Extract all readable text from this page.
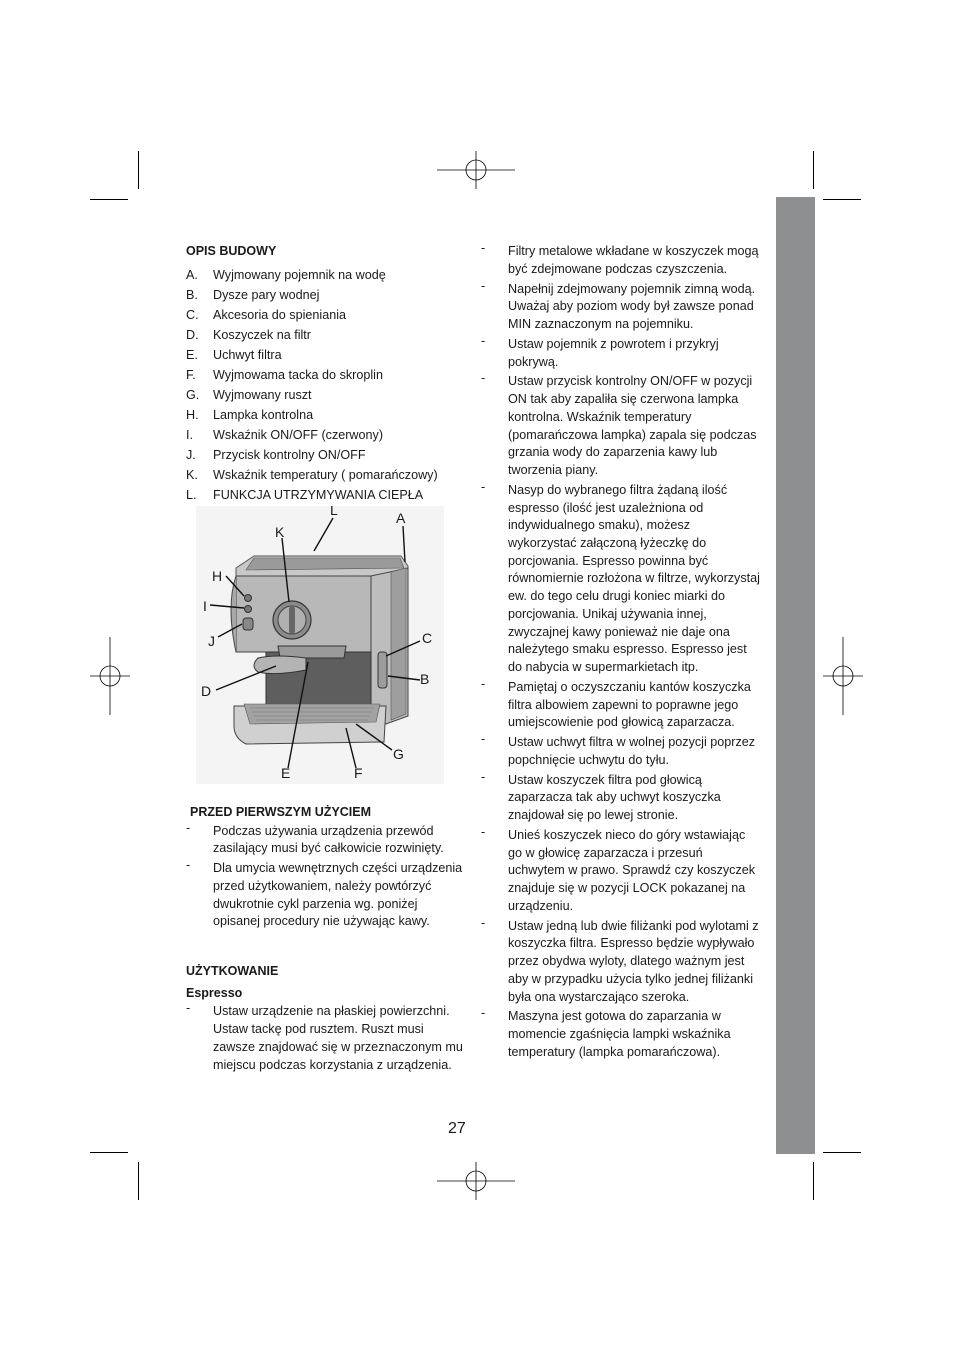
OPIS BUDOWY
A. Wyjmowany pojemnik na wodę
B. Dysze pary wodnej
C. Akcesoria do spieniania
D. Koszyczek na filtr
E. Uchwyt filtra
F. Wyjmowama tacka do skroplin
G. Wyjmowany ruszt
H. Lampka kontrolna
I. Wskaźnik ON/OFF (czerwony)
J. Przycisk kontrolny ON/OFF
K. Wskaźnik temperatury ( pomarańczowy)
L. FUNKCJA UTRZYMYWANIA CIEPŁA
L	A
K
H
I
J	C
B
D
G
E	F
PRZED PIERWSZYM UŻYCIEM
- Podczas używania urządzenia przewód zasilający musi być całkowicie rozwinięty.
- Dla umycia wewnętrznych części urządzenia przed użytkowaniem, należy powtórzyć dwukrotnie cykl parzenia wg. poniżej opisanej procedury nie używając kawy.
UŻYTKOWANIE
Espresso
- Ustaw urządzenie na płaskiej powierzchni. Ustaw tackę pod rusztem. Ruszt musi zawsze znajdować się w przeznaczonym mu miejscu podczas korzystania z urządzenia.
- Filtry metalowe wkładane w koszyczek mogą być zdejmowane podczas czyszczenia.
- Napełnij zdejmowany pojemnik zimną wodą. Uważaj aby poziom wody był zawsze ponad MIN zaznaczonym na pojemniku.
- Ustaw pojemnik z powrotem i przykryj pokrywą.
- Ustaw przycisk kontrolny ON/OFF w pozycji ON tak aby zapaliła się czerwona lampka kontrolna. Wskaźnik temperatury (pomarańczowa lampka) zapala się podczas grzania wody do zaparzenia kawy lub tworzenia piany.
- Nasyp do wybranego filtra żądaną ilość espresso (ilość jest uzależniona od indywidualnego smaku), możesz wykorzystać załączoną łyżeczkę do porcjowania. Espresso powinna być równomiernie rozłożona w filtrze, wykorzystaj ew. do tego celu drugi koniec miarki do porcjowania. Unikaj używania innej, zwyczajnej kawy ponieważ nie daje ona należytego smaku espresso. Espresso jest do nabycia w supermarkietach itp.
- Pamiętaj o oczyszczaniu kantów koszyczka filtra albowiem zapewni to poprawne jego umiejscowienie pod głowicą zaparzacza.
- Ustaw uchwyt filtra w wolnej pozycji poprzez popchnięcie uchwytu do tyłu.
- Ustaw koszyczek filtra pod głowicą zaparzacza tak aby uchwyt koszyczka znajdował się po lewej stronie.
- Unieś koszyczek nieco do góry wstawiając go w głowicę zaparzacza i przesuń uchwytem w prawo. Sprawdź czy koszyczek znajduje się w pozycji LOCK pokazanej na urządzeniu.
- Ustaw jedną lub dwie filiżanki pod wylotami z koszyczka filtra. Espresso będzie wypływało przez obydwa wyloty, dlatego ważnym jest aby w przypadku użycia tylko jednej filiżanki była ona wystarczająco szeroka.
- Maszyna jest gotowa do zaparzania w momencie zgaśnięcia lampki wskaźnika temperatury (lampka pomarańczowa).
27
